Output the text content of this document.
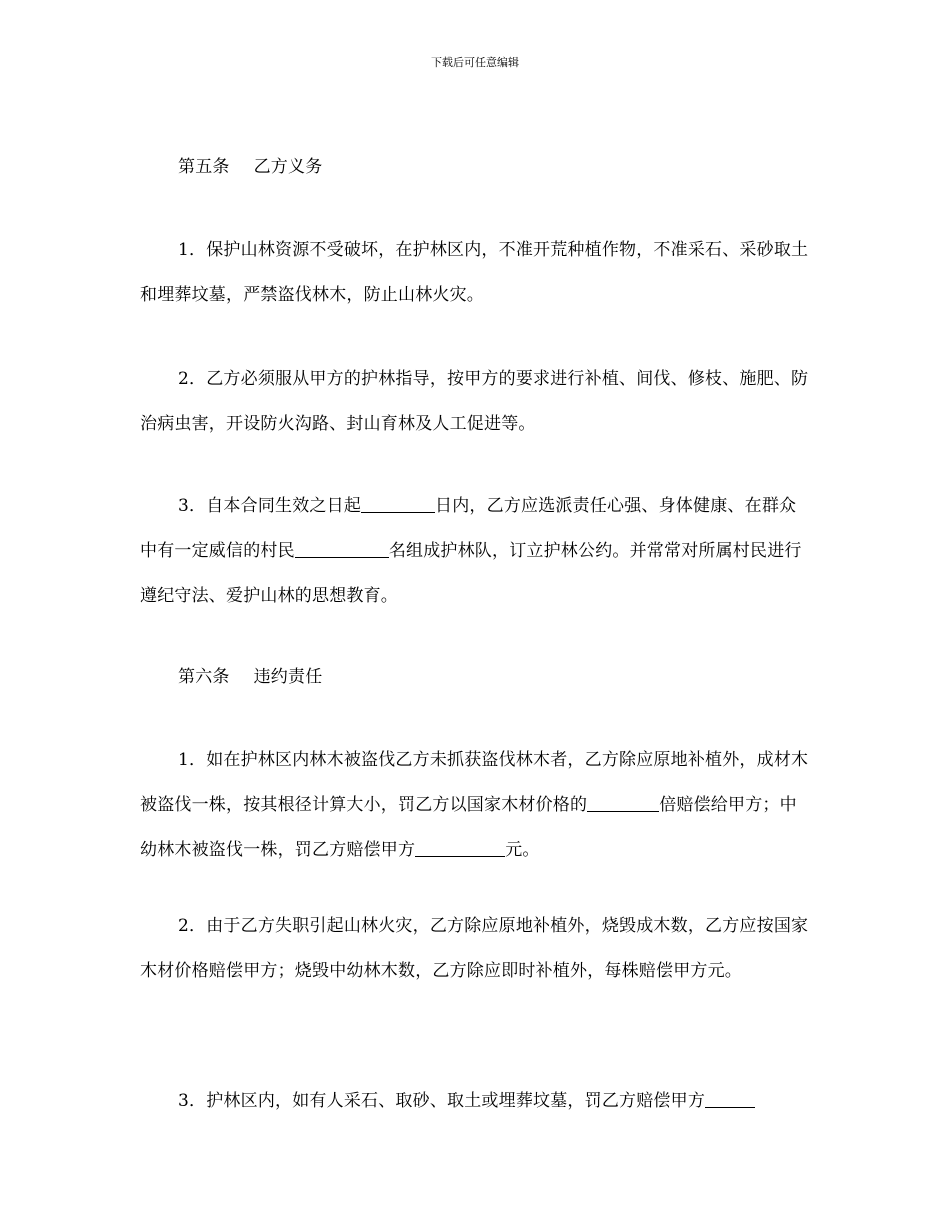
下载后可任意编辑
第五条 乙方义务

1．保护山林资源不受破坏，在护林区内，不准开荒种植作物，不准采石、采砂取土和埋葬坟墓，严禁盗伐林木，防止山林火灾。

2．乙方必须服从甲方的护林指导，按甲方的要求进行补植、间伐、修枝、施肥、防治病虫害，开设防火沟路、封山育林及人工促进等。

3．自本合同生效之日起	日内，乙方应选派责任心强、身体健康、在群众中有一定威信的村民	名组成护林队，订立护林公约。并常常对所属村民进行遵纪守法、爱护山林的思想教育。

第六条 违约责任

1．如在护林区内林木被盗伐乙方未抓获盗伐林木者，乙方除应原地补植外，成材木被盗伐一株，按其根径计算大小，罚乙方以国家木材价格的	倍赔偿给甲方；中幼林木被盗伐一株，罚乙方赔偿甲方	元。

2．由于乙方失职引起山林火灾，乙方除应原地补植外，烧毁成木数，乙方应按国家木材价格赔偿甲方；烧毁中幼林木数，乙方除应即时补植外，每株赔偿甲方元。

3．护林区内，如有人采石、取砂、取土或埋葬坟墓，罚乙方赔偿甲方
